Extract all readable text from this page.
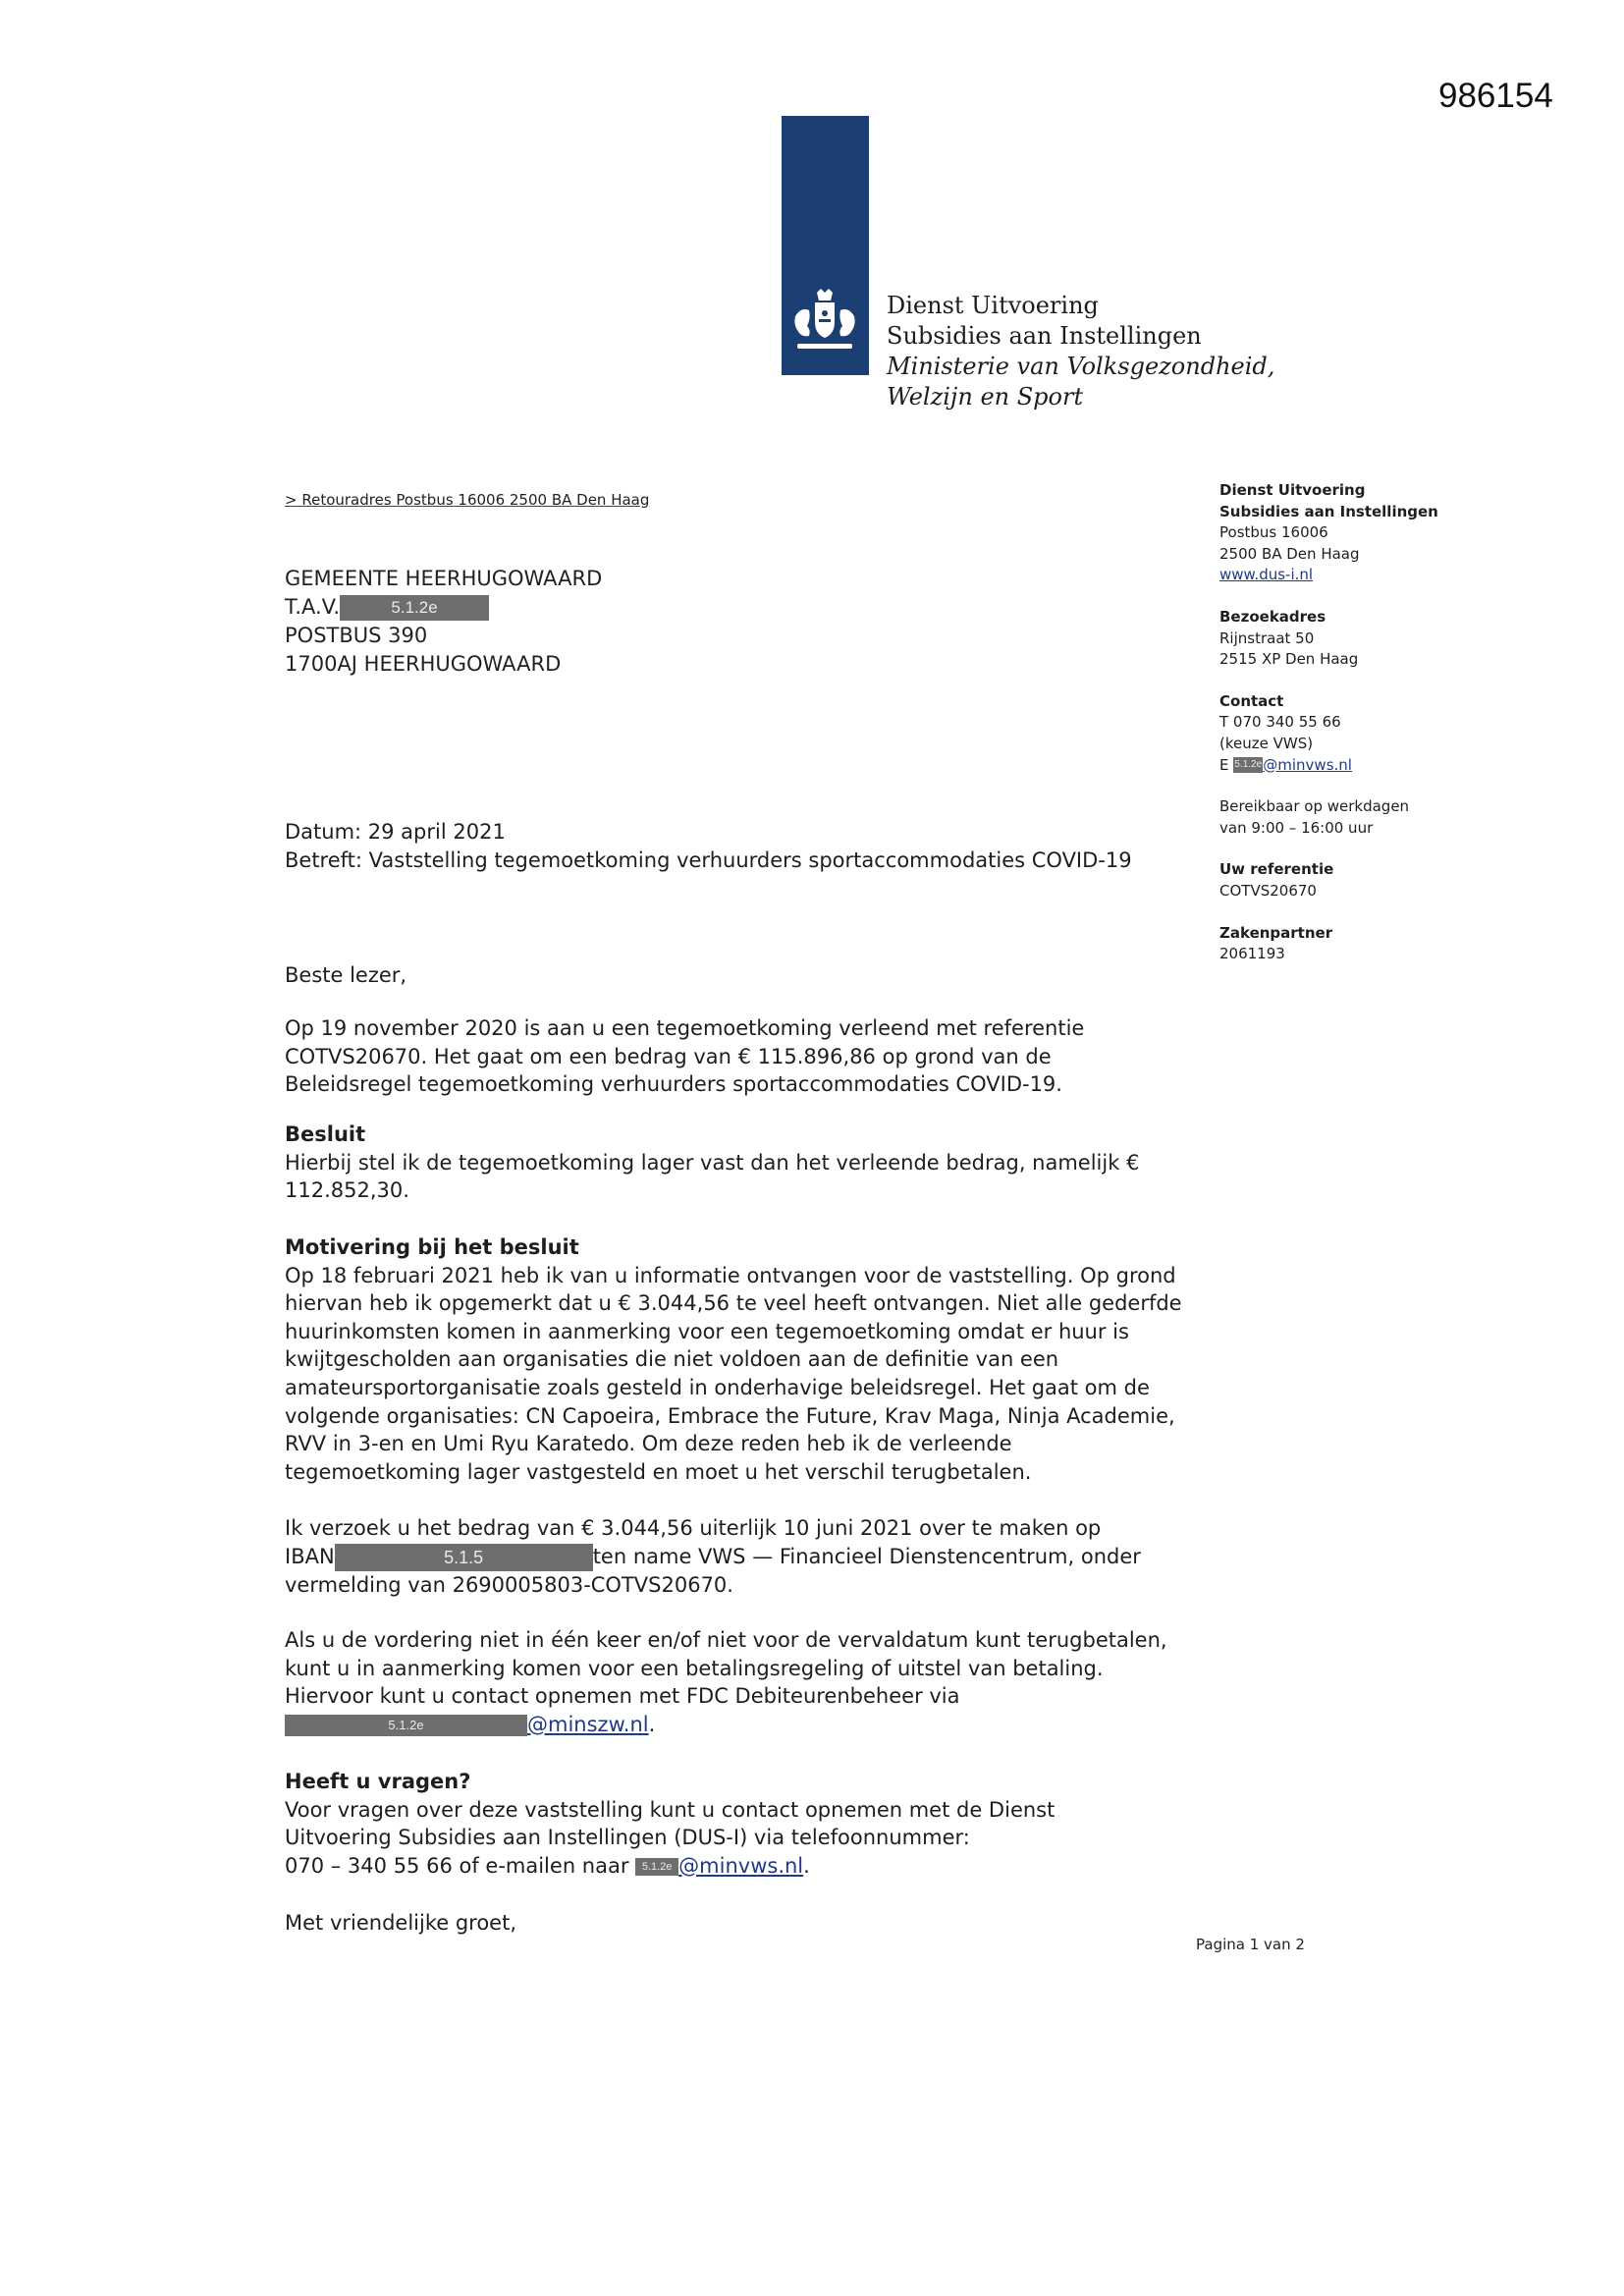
986154
Dienst Uitvoering
Subsidies aan Instellingen
Ministerie van Volksgezondheid,
Welzijn en Sport
> Retouradres Postbus 16006 2500 BA Den Haag
GEMEENTE HEERHUGOWAARD
T.A.V.	5.1.2e
POSTBUS 390
1700AJ HEERHUGOWAARD
Dienst Uitvoering
Subsidies aan Instellingen
Postbus 16006
2500 BA Den Haag
www.dus-i.nl
Bezoekadres
Rijnstraat 50
2515 XP Den Haag
Contact
T 070 340 55 66
(keuze VWS)
E 5.1.2e@minvws.nl
Bereikbaar op werkdagen
van 9:00 – 16:00 uur
Uw referentie
COTVS20670
Zakenpartner
2061193

Datum: 29 april 2021

Betreft: Vaststelling tegemoetkoming verhuurders sportaccommodaties COVID-19

Beste lezer,
Op 19 november 2020 is aan u een tegemoetkoming verleend met referentie COTVS20670. Het gaat om een bedrag van € 115.896,86 op grond van de Beleidsregel tegemoetkoming verhuurders sportaccommodaties COVID-19.

Besluit

Hierbij stel ik de tegemoetkoming lager vast dan het verleende bedrag, namelijk € 112.852,30.

Motivering bij het besluit

Op 18 februari 2021 heb ik van u informatie ontvangen voor de vaststelling. Op grond hiervan heb ik opgemerkt dat u € 3.044,56 te veel heeft ontvangen. Niet alle gederfde huurinkomsten komen in aanmerking voor een tegemoetkoming omdat er huur is kwijtgescholden aan organisaties die niet voldoen aan de definitie van een amateursportorganisatie zoals gesteld in onderhavige beleidsregel. Het gaat om de volgende organisaties: CN Capoeira, Embrace the Future, Krav Maga, Ninja Academie, RVV in 3-en en Umi Ryu Karatedo. Om deze reden heb ik de verleende tegemoetkoming lager vastgesteld en moet u het verschil terugbetalen.

Ik verzoek u het bedrag van € 3.044,56 uiterlijk 10 juni 2021 over te maken op

IBAN	5.1.5	ten name VWS — Financieel Dienstencentrum, onder

vermelding van 2690005803-COTVS20670.

Als u de vordering niet in één keer en/of niet voor de vervaldatum kunt terugbetalen, kunt u in aanmerking komen voor een betalingsregeling of uitstel van betaling. Hiervoor kunt u contact opnemen met FDC Debiteurenbeheer via

5.1.2e	@minszw.nl.

Heeft u vragen?

Voor vragen over deze vaststelling kunt u contact opnemen met de Dienst Uitvoering Subsidies aan Instellingen (DUS-I) via telefoonnummer:

070 – 340 55 66 of e-mailen naar 5.1.2e @minvws.nl.

Met vriendelijke groet,
Pagina 1 van 2
